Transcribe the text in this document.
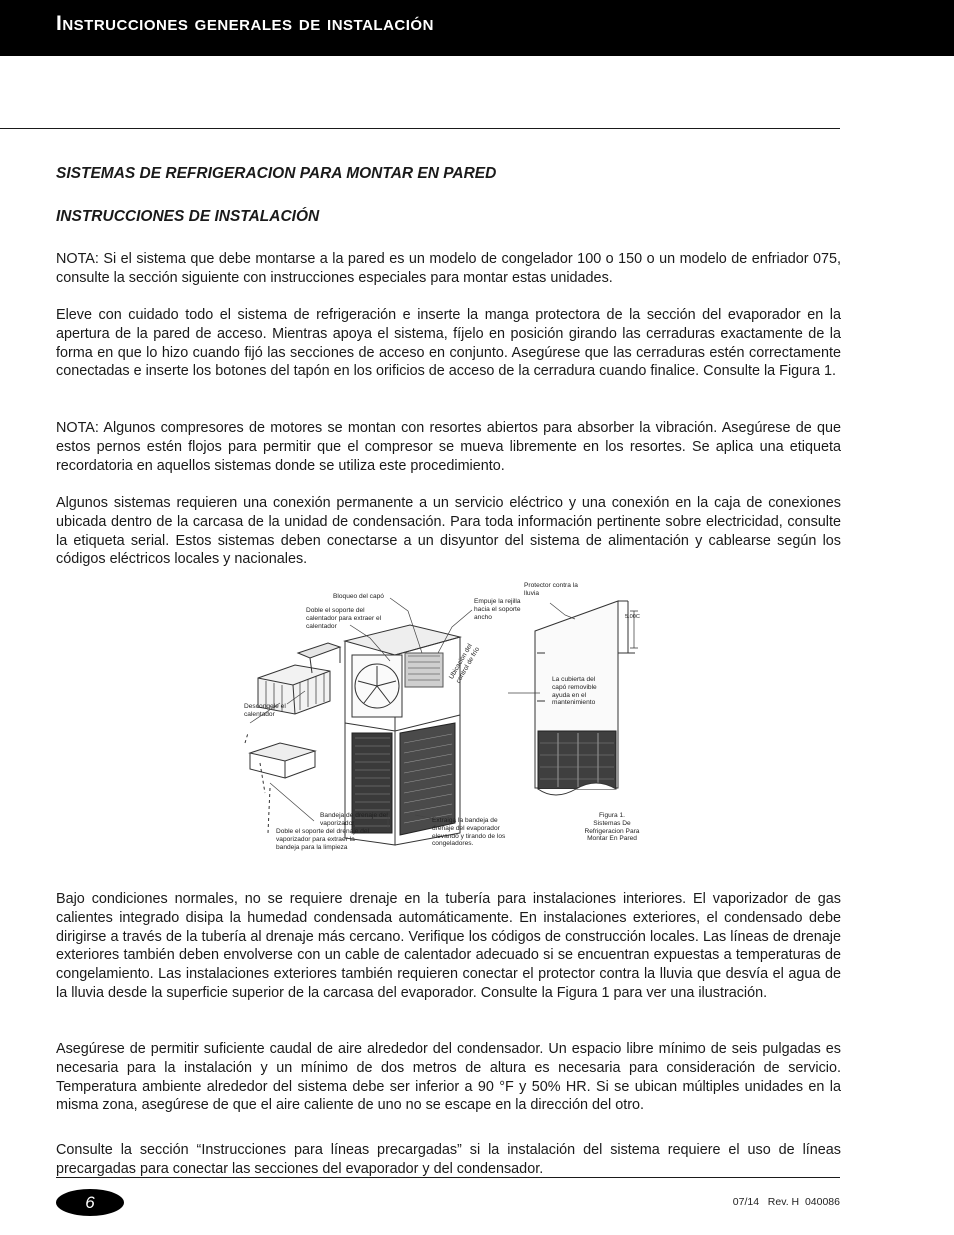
Instrucciones generales de instalación
SISTEMAS DE REFRIGERACION PARA MONTAR EN PARED
INSTRUCCIONES DE INSTALACIÓN

NOTA: Si el sistema que debe montarse a la pared es un modelo de congelador 100 o 150 o un modelo de enfriador 075, consulte la sección siguiente con instrucciones especiales para montar estas unidades.

Eleve con cuidado todo el sistema de refrigeración e inserte la manga protectora de la sección del evaporador en la apertura de la pared de acceso. Mientras apoya el sistema, fíjelo en posición girando las cerraduras exactamente de la forma en que lo hizo cuando fijó las secciones de acceso en conjunto. Asegúrese que las cerraduras estén correctamente conectadas e inserte los botones del tapón en los orificios de acceso de la cerradura cuando finalice. Consulte la Figura 1.

NOTA: Algunos compresores de motores se montan con resortes abiertos para absorber la vibración. Asegúrese de que estos pernos estén flojos para permitir que el compresor se mueva libremente en los resortes. Se aplica una etiqueta recordatoria en aquellos sistemas donde se utiliza este procedimiento.

Algunos sistemas requieren una conexión permanente a un servicio eléctrico y una conexión en la caja de conexiones ubicada dentro de la carcasa de la unidad de condensación. Para toda información pertinente sobre electricidad, consulte la etiqueta serial. Estos sistemas deben conectarse a un disyuntor del sistema de alimentación y cablearse según los códigos eléctricos locales y nacionales.

Bloqueo del capó
Doble el soporte del calentador para extraer el calentador
Empuje la rejilla hacia el soporte ancho
Protector contra la lluvia
5.00C
Descongele el calentador
Ubicación del control de frío	La cubierta del capó removible ayuda en el mantenimiento
Bandeja de drenaje del vaporizador
Doble el soporte del drenaje del vaporizador para extraer la bandeja para la limpieza
Extraiga la bandeja de drenaje del evaporador elevando y tirando de los congeladores.
Figura 1.
Sistemas De
Refrigeracion Para
Montar En Pared

Bajo condiciones normales, no se requiere drenaje en la tubería para instalaciones interiores. El vaporizador de gas calientes integrado disipa la humedad condensada automáticamente. En instalaciones exteriores, el condensado debe dirigirse a través de la tubería al drenaje más cercano. Verifique los códigos de construcción locales. Las líneas de drenaje exteriores también deben envolverse con un cable de calentador adecuado si se encuentran expuestas a temperaturas de congelamiento. Las instalaciones exteriores también requieren conectar el protector contra la lluvia que desvía el agua de la lluvia desde la superficie superior de la carcasa del evaporador. Consulte la Figura 1 para ver una ilustración.

Asegúrese de permitir suficiente caudal de aire alrededor del condensador. Un espacio libre mínimo de seis pulgadas es necesaria para la instalación y un mínimo de dos metros de altura es necesaria para consideración de servicio. Temperatura ambiente alrededor del sistema debe ser inferior a 90 °F y 50% HR. Si se ubican múltiples unidades en la misma zona, asegúrese de que el aire caliente de uno no se escape en la dirección del otro.

Consulte la sección “Instrucciones para líneas precargadas” si la instalación del sistema requiere el uso de líneas precargadas para conectar las secciones del evaporador y del condensador.

6	07/14   Rev. H  040086
